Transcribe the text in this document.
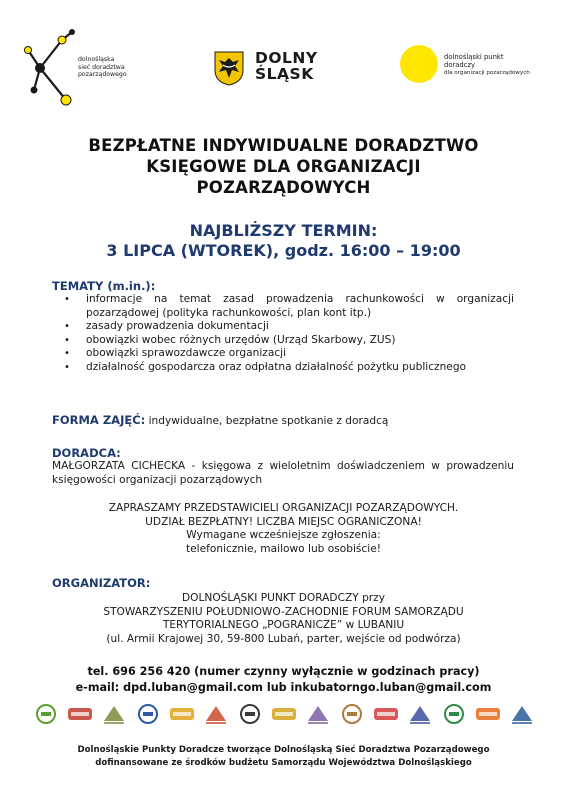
dolnośląska
sieć doradztwa
pozarządowego
DOLNY
ŚLĄSK
dolnośląski punkt
doradczy
dla organizacji pozarządowych
BEZPŁATNE INDYWIDUALNE DORADZTWO
KSIĘGOWE DLA ORGANIZACJI
POZARZĄDOWYCH
NAJBLIŻSZY TERMIN:
3 LIPCA (WTOREK), godz. 16:00 – 19:00
TEMATY (m.in.):
• informacje na temat zasad prowadzenia rachunkowości w organizacji pozarządowej (polityka rachunkowości, plan kont itp.)
• zasady prowadzenia dokumentacji
• obowiązki wobec różnych urzędów (Urząd Skarbowy, ZUS)
• obowiązki sprawozdawcze organizacji
• działalność gospodarcza oraz odpłatna działalność pożytku publicznego
FORMA ZAJĘĆ: indywidualne, bezpłatne spotkanie z doradcą
DORADCA:
MAŁGORZATA CICHECKA - księgowa z wieloletnim doświadczeniem w prowadzeniu księgowości organizacji pozarządowych
ZAPRASZAMY PRZEDSTAWICIELI ORGANIZACJI POZARZĄDOWYCH.
UDZIAŁ BEZPŁATNY! LICZBA MIEJSC OGRANICZONA!
Wymagane wcześniejsze zgłoszenia:
telefonicznie, mailowo lub osobiście!
ORGANIZATOR:
DOLNOŚLĄSKI PUNKT DORADCZY przy
STOWARZYSZENIU POŁUDNIOWO-ZACHODNIE FORUM SAMORZĄDU
TERYTORIALNEGO „POGRANICZE” w LUBANIU
(ul. Armii Krajowej 30, 59-800 Lubań, parter, wejście od podwórza)
tel. 696 256 420 (numer czynny wyłącznie w godzinach pracy)
e-mail: dpd.luban@gmail.com lub inkubatorngo.luban@gmail.com
Dolnośląskie Punkty Doradcze tworzące Dolnośląską Sieć Doradztwa Pozarządowego
dofinansowane ze środków budżetu Samorządu Województwa Dolnośląskiego
